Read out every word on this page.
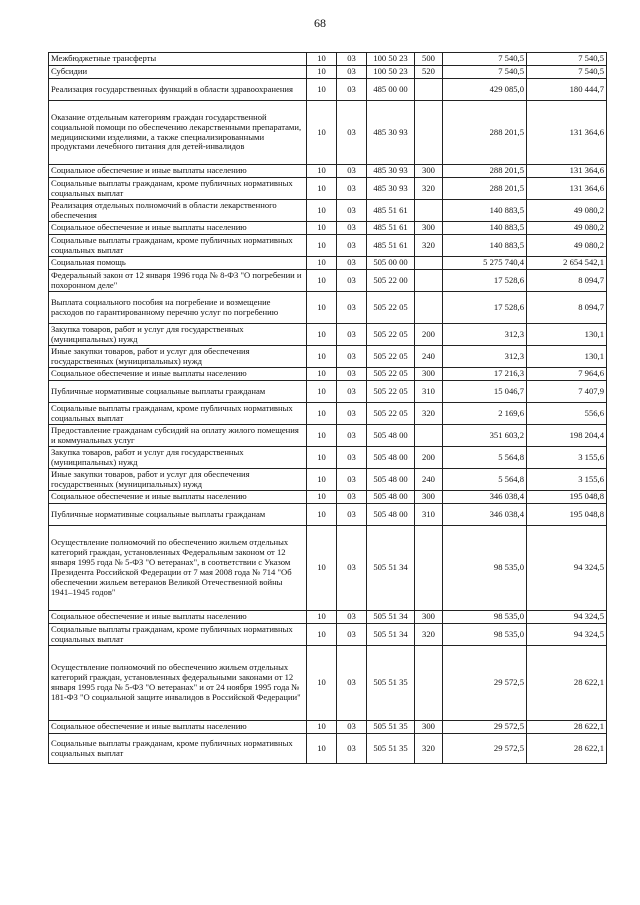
68
Межбюджетные трансферты	10	03	100 50 23	500	7 540,5	7 540,5
Субсидии	10	03	100 50 23	520	7 540,5	7 540,5
Реализация государственных функций в области здравоохранения	10	03	485 00 00		429 085,0	180 444,7
Оказание отдельным категориям граждан государственной социальной помощи по обеспечению лекарственными препаратами, медицинскими изделиями, а также специализированными продуктами лечебного питания для детей-инвалидов	10	03	485 30 93		288 201,5	131 364,6
Социальное обеспечение и иные выплаты населению	10	03	485 30 93	300	288 201,5	131 364,6
Социальные выплаты гражданам, кроме публичных нормативных социальных выплат	10	03	485 30 93	320	288 201,5	131 364,6
Реализация отдельных полномочий в области лекарственного обеспечения	10	03	485 51 61		140 883,5	49 080,2
Социальное обеспечение и иные выплаты населению	10	03	485 51 61	300	140 883,5	49 080,2
Социальные выплаты гражданам, кроме публичных нормативных социальных выплат	10	03	485 51 61	320	140 883,5	49 080,2
Социальная помощь	10	03	505 00 00		5 275 740,4	2 654 542,1
Федеральный закон от 12 января 1996 года № 8-ФЗ "О погребении и похоронном деле"	10	03	505 22 00		17 528,6	8 094,7
Выплата социального пособия на погребение и возмещение расходов по гарантированному перечню услуг по погребению	10	03	505 22 05		17 528,6	8 094,7
Закупка товаров, работ и услуг для государственных (муниципальных) нужд	10	03	505 22 05	200	312,3	130,1
Иные закупки товаров, работ и услуг для обеспечения государственных (муниципальных) нужд	10	03	505 22 05	240	312,3	130,1
Социальное обеспечение и иные выплаты населению	10	03	505 22 05	300	17 216,3	7 964,6
Публичные нормативные социальные выплаты гражданам	10	03	505 22 05	310	15 046,7	7 407,9
Социальные выплаты гражданам, кроме публичных нормативных социальных выплат	10	03	505 22 05	320	2 169,6	556,6
Предоставление гражданам субсидий на оплату жилого помещения и коммунальных услуг	10	03	505 48 00		351 603,2	198 204,4
Закупка товаров, работ и услуг для государственных (муниципальных) нужд	10	03	505 48 00	200	5 564,8	3 155,6
Иные закупки товаров, работ и услуг для обеспечения государственных (муниципальных) нужд	10	03	505 48 00	240	5 564,8	3 155,6
Социальное обеспечение и иные выплаты населению	10	03	505 48 00	300	346 038,4	195 048,8
Публичные нормативные социальные выплаты гражданам	10	03	505 48 00	310	346 038,4	195 048,8
Осуществление полномочий по обеспечению жильем отдельных категорий граждан, установленных Федеральным законом от 12 января 1995 года № 5-ФЗ "О ветеранах", в соответствии с Указом Президента Российской Федерации от 7 мая 2008 года № 714 "Об обеспечении жильем ветеранов Великой Отечественной войны 1941–1945 годов"	10	03	505 51 34		98 535,0	94 324,5
Социальное обеспечение и иные выплаты населению	10	03	505 51 34	300	98 535,0	94 324,5
Социальные выплаты гражданам, кроме публичных нормативных социальных выплат	10	03	505 51 34	320	98 535,0	94 324,5
Осуществление полномочий по обеспечению жильем отдельных категорий граждан, установленных федеральными законами от 12 января 1995 года № 5-ФЗ "О ветеранах" и от 24 ноября 1995 года № 181-ФЗ "О социальной защите инвалидов в Российской Федерации"	10	03	505 51 35		29 572,5	28 622,1
Социальное обеспечение и иные выплаты населению	10	03	505 51 35	300	29 572,5	28 622,1
Социальные выплаты гражданам, кроме публичных нормативных социальных выплат	10	03	505 51 35	320	29 572,5	28 622,1
